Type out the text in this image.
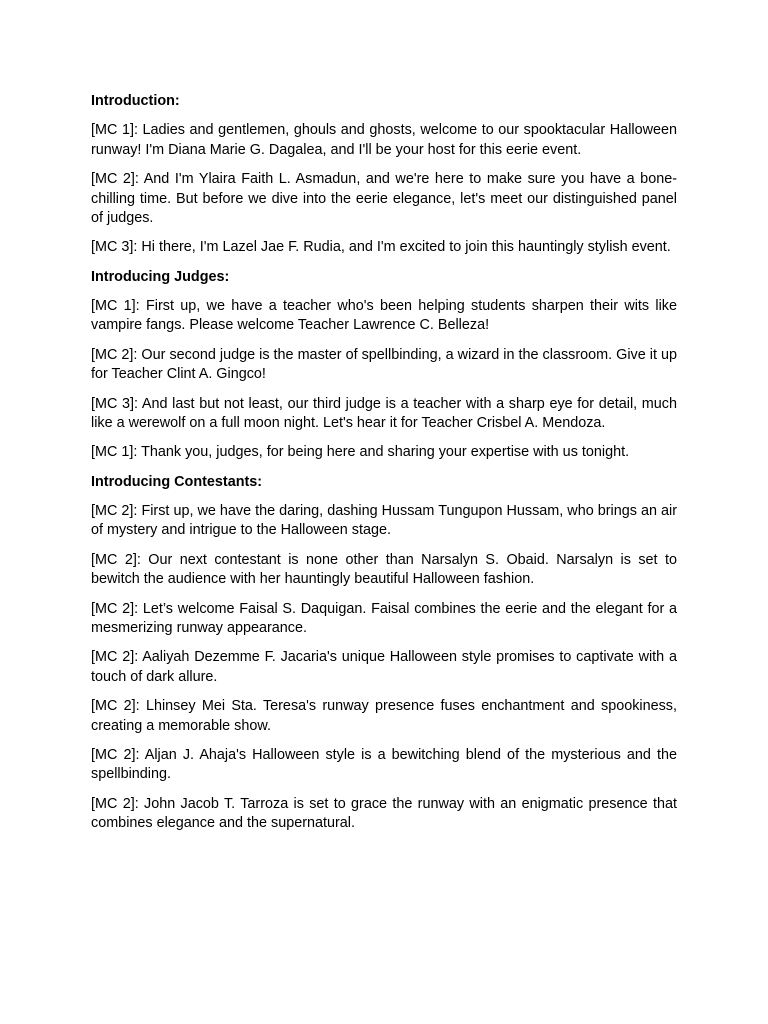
Introduction:

[MC 1]: Ladies and gentlemen, ghouls and ghosts, welcome to our spooktacular Halloween runway! I'm Diana Marie G. Dagalea, and I'll be your host for this eerie event.

[MC 2]: And I'm Ylaira Faith L. Asmadun, and we're here to make sure you have a bone-chilling time. But before we dive into the eerie elegance, let's meet our distinguished panel of judges.

[MC 3]: Hi there, I'm Lazel Jae F. Rudia, and I'm excited to join this hauntingly stylish event.

Introducing Judges:

[MC 1]: First up, we have a teacher who's been helping students sharpen their wits like vampire fangs. Please welcome Teacher Lawrence C. Belleza!

[MC 2]: Our second judge is the master of spellbinding, a wizard in the classroom. Give it up for Teacher Clint A. Gingco!

[MC 3]: And last but not least, our third judge is a teacher with a sharp eye for detail, much like a werewolf on a full moon night. Let's hear it for Teacher Crisbel A. Mendoza.

[MC 1]: Thank you, judges, for being here and sharing your expertise with us tonight.

Introducing Contestants:

[MC 2]: First up, we have the daring, dashing Hussam Tungupon Hussam, who brings an air of mystery and intrigue to the Halloween stage.

[MC 2]: Our next contestant is none other than Narsalyn S. Obaid. Narsalyn is set to bewitch the audience with her hauntingly beautiful Halloween fashion.

[MC 2]: Let’s welcome Faisal S. Daquigan. Faisal combines the eerie and the elegant for a mesmerizing runway appearance.

[MC 2]: Aaliyah Dezemme F. Jacaria's unique Halloween style promises to captivate with a touch of dark allure.

[MC 2]: Lhinsey Mei Sta. Teresa's runway presence fuses enchantment and spookiness, creating a memorable show.

[MC 2]: Aljan J. Ahaja's Halloween style is a bewitching blend of the mysterious and the spellbinding.

[MC 2]: John Jacob T. Tarroza is set to grace the runway with an enigmatic presence that combines elegance and the supernatural.
